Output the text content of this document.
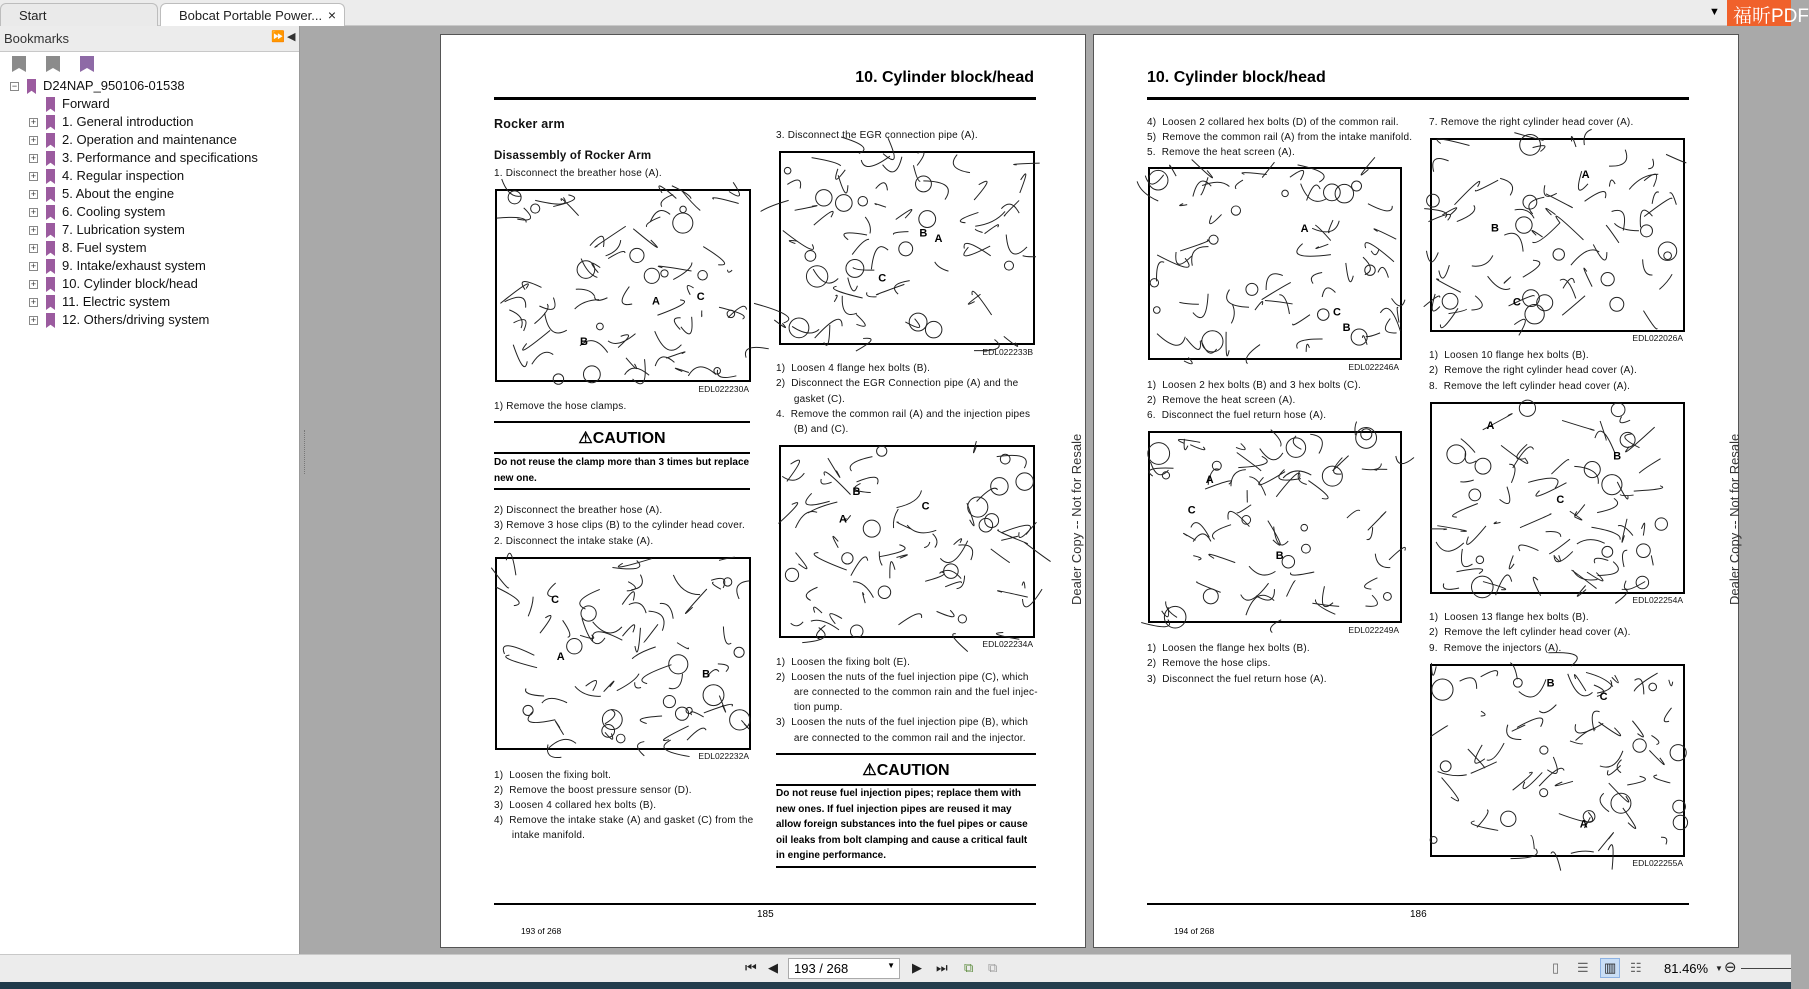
Start	Bobcat Portable Power... ×	▼ 福昕PDF
Bookmarks	⏩ ◀
− D24NAP_950106-01538
Forward
+ 1. General introduction
+ 2. Operation and maintenance
+ 3. Performance and specifications
+ 4. Regular inspection
+ 5. About the engine
+ 6. Cooling system
+ 7. Lubrication system
+ 8. Fuel system
+ 9. Intake/exhaust system
+ 10. Cylinder block/head
+ 11. Electric system
+ 12. Others/driving system
10. Cylinder block/head
Rocker arm
Disassembly of Rocker Arm
1. Disconnect the breather hose (A).
A
B
C
EDL022230A
1) Remove the hose clamps.
⚠CAUTION
Do not reuse the clamp more than 3 times but replace new one.
2) Disconnect the breather hose (A).
3) Remove 3 hose clips (B) to the cylinder head cover.
2. Disconnect the intake stake (A).
A
B
C
EDL022232A
1)  Loosen the fixing bolt.
2)  Remove the boost pressure sensor (D).
3)  Loosen 4 collared hex bolts (B).
4)  Remove the intake stake (A) and gasket (C) from the
intake manifold.
3. Disconnect the EGR connection pipe (A).
A
B
C
EDL022233B
1)  Loosen 4 flange hex bolts (B).
2)  Disconnect the EGR Connection pipe (A) and the
gasket (C).
4.  Remove the common rail (A) and the injection pipes
(B) and (C).
A
B
C
EDL022234A
1)  Loosen the fixing bolt (E).
2)  Loosen the nuts of the fuel injection pipe (C), which
are connected to the common rain and the fuel injec-
tion pump.
3)  Loosen the nuts of the fuel injection pipe (B), which
are connected to the common rail and the injector.
⚠CAUTION
Do not reuse fuel injection pipes; replace them with new ones. If fuel injection pipes are reused it may allow foreign substances into the fuel pipes or cause oil leaks from bolt clamping and cause a critical fault in engine performance.
185
193 of 268
Dealer Copy -- Not for Resale
10. Cylinder block/head
4)  Loosen 2 collared hex bolts (D) of the common rail.
5)  Remove the common rail (A) from the intake manifold.
5.  Remove the heat screen (A).
A
B
C
EDL022246A
1)  Loosen 2 hex bolts (B) and 3 hex bolts (C).
2)  Remove the heat screen (A).
6.  Disconnect the fuel return hose (A).
A
B
C
EDL022249A
1)  Loosen the flange hex bolts (B).
2)  Remove the hose clips.
3)  Disconnect the fuel return hose (A).
7. Remove the right cylinder head cover (A).
A
B
C
EDL022026A
1)  Loosen 10 flange hex bolts (B).
2)  Remove the right cylinder head cover (A).
8.  Remove the left cylinder head cover (A).
A
B
C
EDL022254A
1)  Loosen 13 flange hex bolts (B).
2)  Remove the left cylinder head cover (A).
9.  Remove the injectors (A).
A
B
C
EDL022255A
186
194 of 268
Dealer Copy -- Not for Resale
⏮ ◀	193 / 268	▼ ▶ ⏭ ⧉ ⧉	▯ ☰	▥	☷ 81.46% ▼ ⊖
